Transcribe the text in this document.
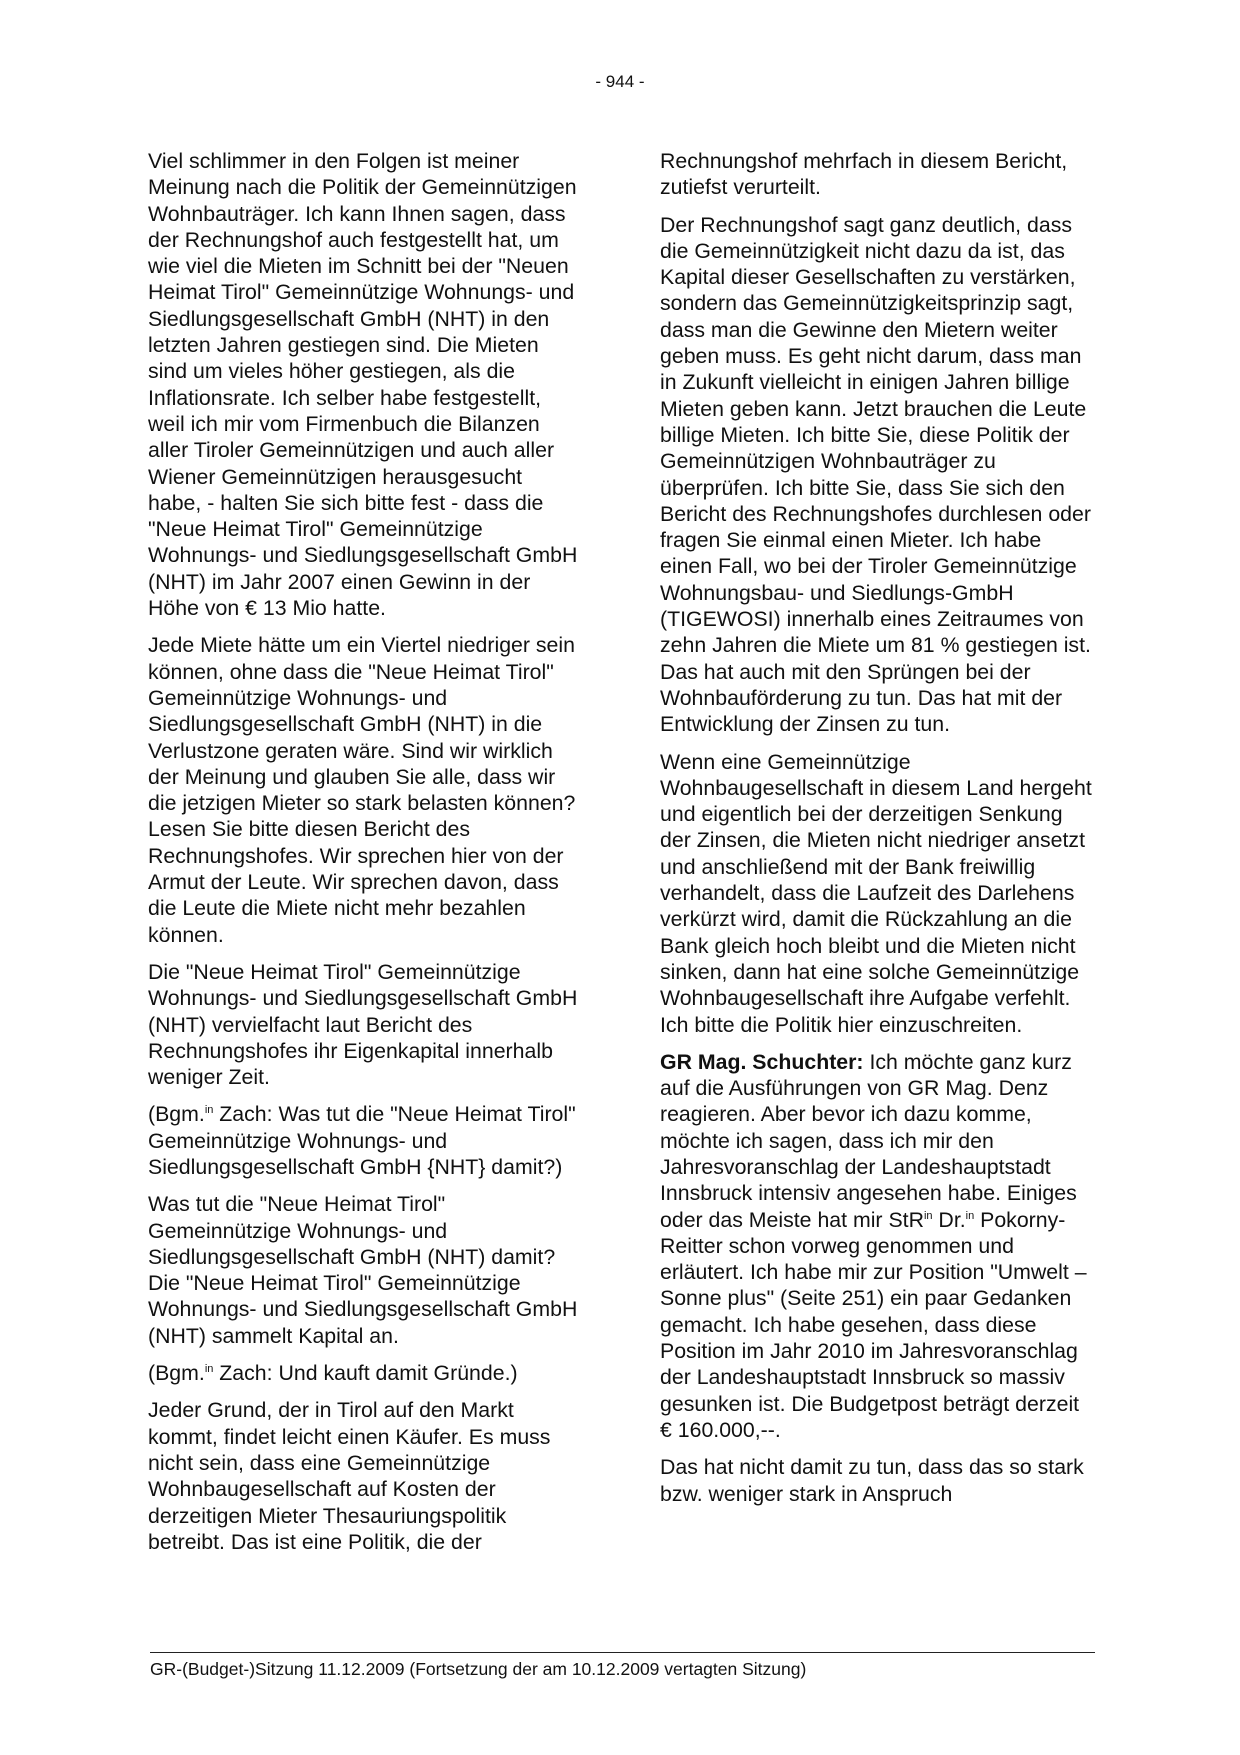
- 944 -

Viel schlimmer in den Folgen ist meiner Meinung nach die Politik der Gemeinnützigen Wohnbauträger. Ich kann Ihnen sagen, dass der Rechnungshof auch festgestellt hat, um wie viel die Mieten im Schnitt bei der "Neuen Heimat Tirol" Gemeinnützige Wohnungs- und Siedlungsgesellschaft GmbH (NHT) in den letzten Jahren gestiegen sind. Die Mieten sind um vieles höher gestiegen, als die Inflationsrate. Ich selber habe festgestellt, weil ich mir vom Firmenbuch die Bilanzen aller Tiroler Gemeinnützigen und auch aller Wiener Gemeinnützigen herausgesucht habe, - halten Sie sich bitte fest - dass die "Neue Heimat Tirol" Gemeinnützige Wohnungs- und Siedlungsgesellschaft GmbH (NHT) im Jahr 2007 einen Gewinn in der Höhe von € 13 Mio hatte.

Jede Miete hätte um ein Viertel niedriger sein können, ohne dass die "Neue Heimat Tirol" Gemeinnützige Wohnungs- und Siedlungsgesellschaft GmbH (NHT) in die Verlustzone geraten wäre. Sind wir wirklich der Meinung und glauben Sie alle, dass wir die jetzigen Mieter so stark belasten können? Lesen Sie bitte diesen Bericht des Rechnungshofes. Wir sprechen hier von der Armut der Leute. Wir sprechen davon, dass die Leute die Miete nicht mehr bezahlen können.

Die "Neue Heimat Tirol" Gemeinnützige Wohnungs- und Siedlungsgesellschaft GmbH (NHT) vervielfacht laut Bericht des Rechnungshofes ihr Eigenkapital innerhalb weniger Zeit.

(Bgm.$^{in}$ Zach: Was tut die "Neue Heimat Tirol" Gemeinnützige Wohnungs- und Siedlungsgesellschaft GmbH {NHT} damit?)

Was tut die "Neue Heimat Tirol" Gemeinnützige Wohnungs- und Siedlungsgesellschaft GmbH (NHT) damit? Die "Neue Heimat Tirol" Gemeinnützige Wohnungs- und Siedlungsgesellschaft GmbH (NHT) sammelt Kapital an.

(Bgm.$^{in}$ Zach: Und kauft damit Gründe.)

Jeder Grund, der in Tirol auf den Markt kommt, findet leicht einen Käufer. Es muss nicht sein, dass eine Gemeinnützige Wohnbaugesellschaft auf Kosten der derzeitigen Mieter Thesauriungspolitik betreibt. Das ist eine Politik, die der

Rechnungshof mehrfach in diesem Bericht, zutiefst verurteilt.

Der Rechnungshof sagt ganz deutlich, dass die Gemeinnützigkeit nicht dazu da ist, das Kapital dieser Gesellschaften zu verstärken, sondern das Gemeinnützigkeitsprinzip sagt, dass man die Gewinne den Mietern weiter geben muss. Es geht nicht darum, dass man in Zukunft vielleicht in einigen Jahren billige Mieten geben kann. Jetzt brauchen die Leute billige Mieten. Ich bitte Sie, diese Politik der Gemeinnützigen Wohnbauträger zu überprüfen. Ich bitte Sie, dass Sie sich den Bericht des Rechnungshofes durchlesen oder fragen Sie einmal einen Mieter. Ich habe einen Fall, wo bei der Tiroler Gemeinnützige Wohnungsbau- und Siedlungs-GmbH (TIGEWOSI) innerhalb eines Zeitraumes von zehn Jahren die Miete um 81 % gestiegen ist. Das hat auch mit den Sprüngen bei der Wohnbauförderung zu tun. Das hat mit der Entwicklung der Zinsen zu tun.

Wenn eine Gemeinnützige Wohnbaugesellschaft in diesem Land hergeht und eigentlich bei der derzeitigen Senkung der Zinsen, die Mieten nicht niedriger ansetzt und anschließend mit der Bank freiwillig verhandelt, dass die Laufzeit des Darlehens verkürzt wird, damit die Rückzahlung an die Bank gleich hoch bleibt und die Mieten nicht sinken, dann hat eine solche Gemeinnützige Wohnbaugesellschaft ihre Aufgabe verfehlt. Ich bitte die Politik hier einzuschreiten.

GR Mag. Schuchter: Ich möchte ganz kurz auf die Ausführungen von GR Mag. Denz reagieren. Aber bevor ich dazu komme, möchte ich sagen, dass ich mir den Jahresvoranschlag der Landeshauptstadt Innsbruck intensiv angesehen habe. Einiges oder das Meiste hat mir StR$^{in}$ Dr.$^{in}$ Pokorny-Reitter schon vorweg genommen und erläutert. Ich habe mir zur Position "Umwelt – Sonne plus" (Seite 251) ein paar Gedanken gemacht. Ich habe gesehen, dass diese Position im Jahr 2010 im Jahresvoranschlag der Landeshauptstadt Innsbruck so massiv gesunken ist. Die Budgetpost beträgt derzeit € 160.000,--.

Das hat nicht damit zu tun, dass das so stark bzw. weniger stark in Anspruch

GR-(Budget-)Sitzung 11.12.2009 (Fortsetzung der am 10.12.2009 vertagten Sitzung)
